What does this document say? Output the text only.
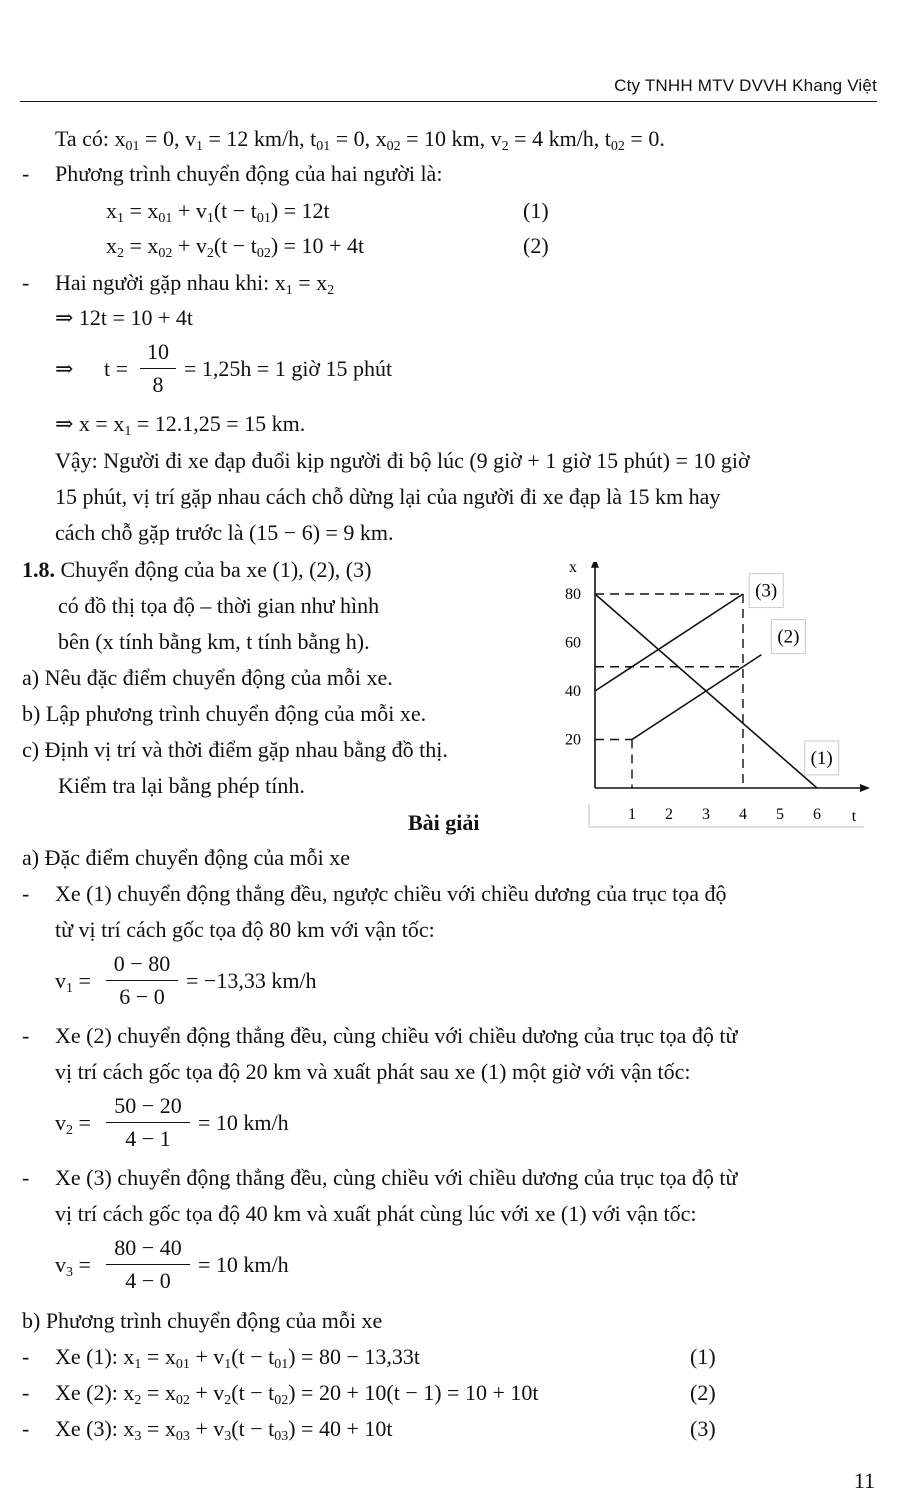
Cty TNHH MTV DVVH Khang Việt
Ta có: $x_{01} = 0$, $v_1 = 12$ km/h, $t_{01} = 0$, $x_{02} = 10$ km, $v_2 = 4$ km/h, $t_{02} = 0$.
- Phương trình chuyển động của hai người là:
$x_1 = x_{01} + v_1(t - t_{01}) = 12t$	(1)
$x_2 = x_{02} + v_2(t - t_{02}) = 10 + 4t$	(2)
- Hai người gặp nhau khi: $x_1 = x_2$
⇒ 12t = 10 + 4t
⇒ t =
10
8
= 1,25h = 1 giờ 15 phút
⇒ $x = x_1 = 12.1,25 = 15$ km.
Vậy: Người đi xe đạp đuổi kịp người đi bộ lúc (9 giờ + 1 giờ 15 phút) = 10 giờ
15 phút, vị trí gặp nhau cách chỗ dừng lại của người đi xe đạp là 15 km hay
cách chỗ gặp trước là (15 − 6) = 9 km.
1.8. Chuyển động của ba xe (1), (2), (3)
có đồ thị tọa độ – thời gian như hình
bên (x tính bằng km, t tính bằng h).
a) Nêu đặc điểm chuyển động của mỗi xe.
b) Lập phương trình chuyển động của mỗi xe.
c) Định vị trí và thời điểm gặp nhau bằng đồ thị.
Kiểm tra lại bằng phép tính.
x
t
20
40
60
80
1 2 3 4 5 6
(1)
(2)
(3)
Bài giải
a) Đặc điểm chuyển động của mỗi xe
- Xe (1) chuyển động thẳng đều, ngược chiều với chiều dương của trục tọa độ
từ vị trí cách gốc tọa độ 80 km với vận tốc:
$v_1$ =
0 − 80
6 − 0
= −13,33 km/h
- Xe (2) chuyển động thẳng đều, cùng chiều với chiều dương của trục tọa độ từ
vị trí cách gốc tọa độ 20 km và xuất phát sau xe (1) một giờ với vận tốc:
$v_2$ =
50 − 20
4 − 1
= 10 km/h
- Xe (3) chuyển động thẳng đều, cùng chiều với chiều dương của trục tọa độ từ
vị trí cách gốc tọa độ 40 km và xuất phát cùng lúc với xe (1) với vận tốc:
$v_3$ =
80 − 40
4 − 0
= 10 km/h
b) Phương trình chuyển động của mỗi xe
- Xe (1): $x_1 = x_{01} + v_1(t - t_{01}) = 80 - 13,33t$	(1)
- Xe (2): $x_2 = x_{02} + v_2(t - t_{02}) = 20 + 10(t - 1) = 10 + 10t$	(2)
- Xe (3): $x_3 = x_{03} + v_3(t - t_{03}) = 40 + 10t$	(3)
11
